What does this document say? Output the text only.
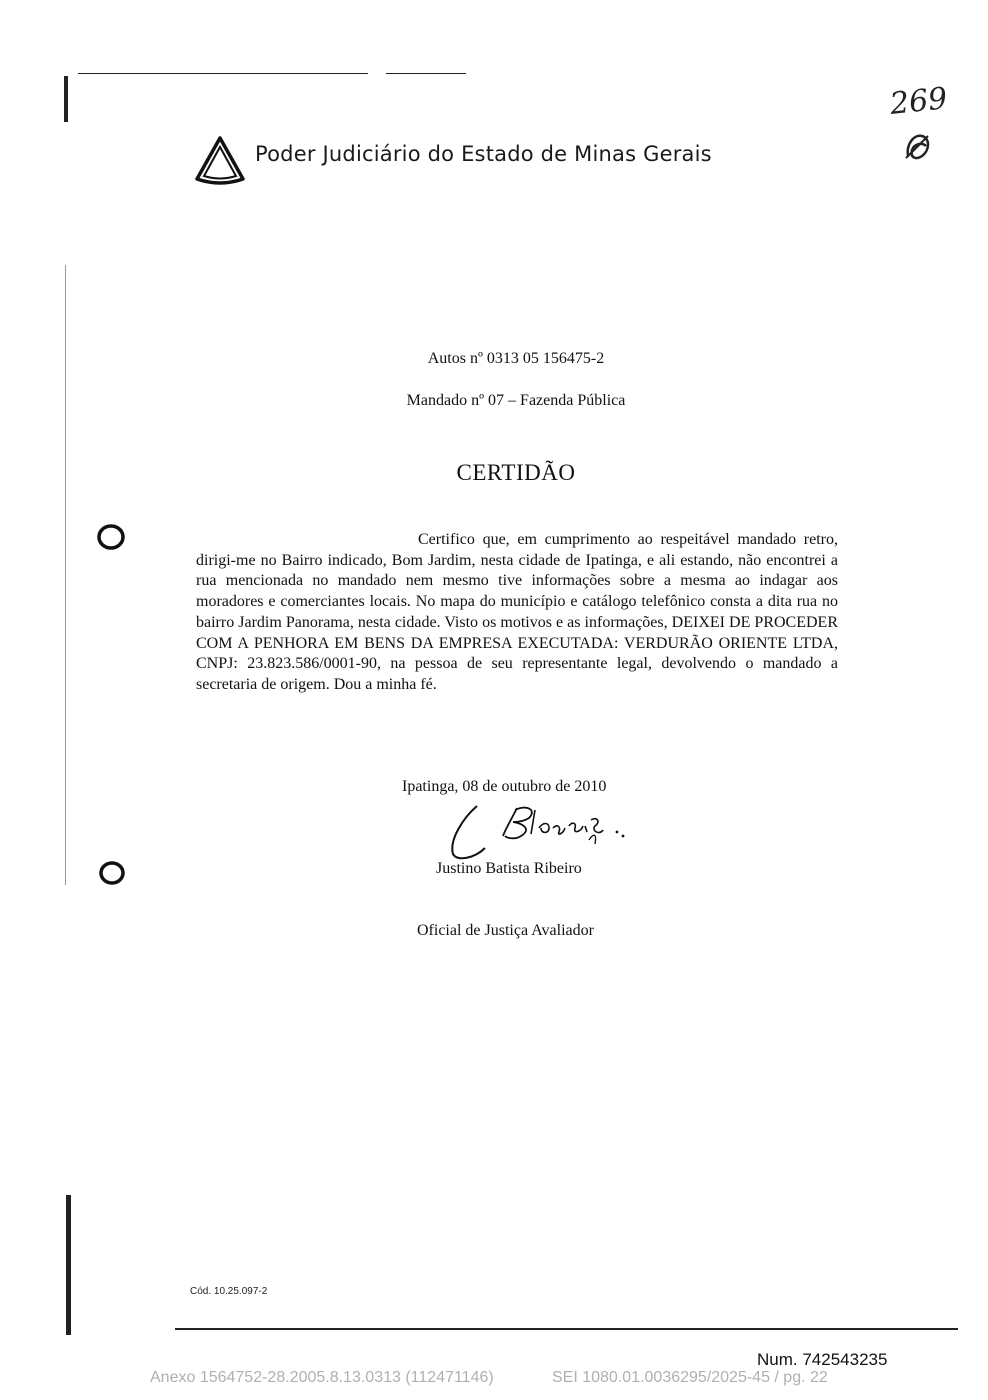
Poder Judiciário do Estado de Minas Gerais
269
Autos nº 0313 05 156475-2
Mandado nº 07 – Fazenda Pública
CERTIDÃO
Certifico que, em cumprimento ao respeitável mandado retro, dirigi-me no Bairro indicado, Bom Jardim, nesta cidade de Ipatinga, e ali estando, não encontrei a rua mencionada no mandado nem mesmo tive informações sobre a mesma ao indagar aos moradores e comerciantes locais. No mapa do município e catálogo telefônico consta a dita rua no bairro Jardim Panorama, nesta cidade. Visto os motivos e as informações, DEIXEI DE PROCEDER COM A PENHORA EM BENS DA EMPRESA EXECUTADA: VERDURÃO ORIENTE LTDA, CNPJ: 23.823.586/0001-90, na pessoa de seu representante legal, devolvendo o mandado a secretaria de origem. Dou a minha fé.
Ipatinga, 08 de outubro de 2010
Justino Batista Ribeiro
Oficial de Justiça Avaliador
Cód. 10.25.097-2
Num. 742543235
Anexo 1564752-28.2005.8.13.0313 (112471146)	SEI 1080.01.0036295/2025-45 / pg. 22
